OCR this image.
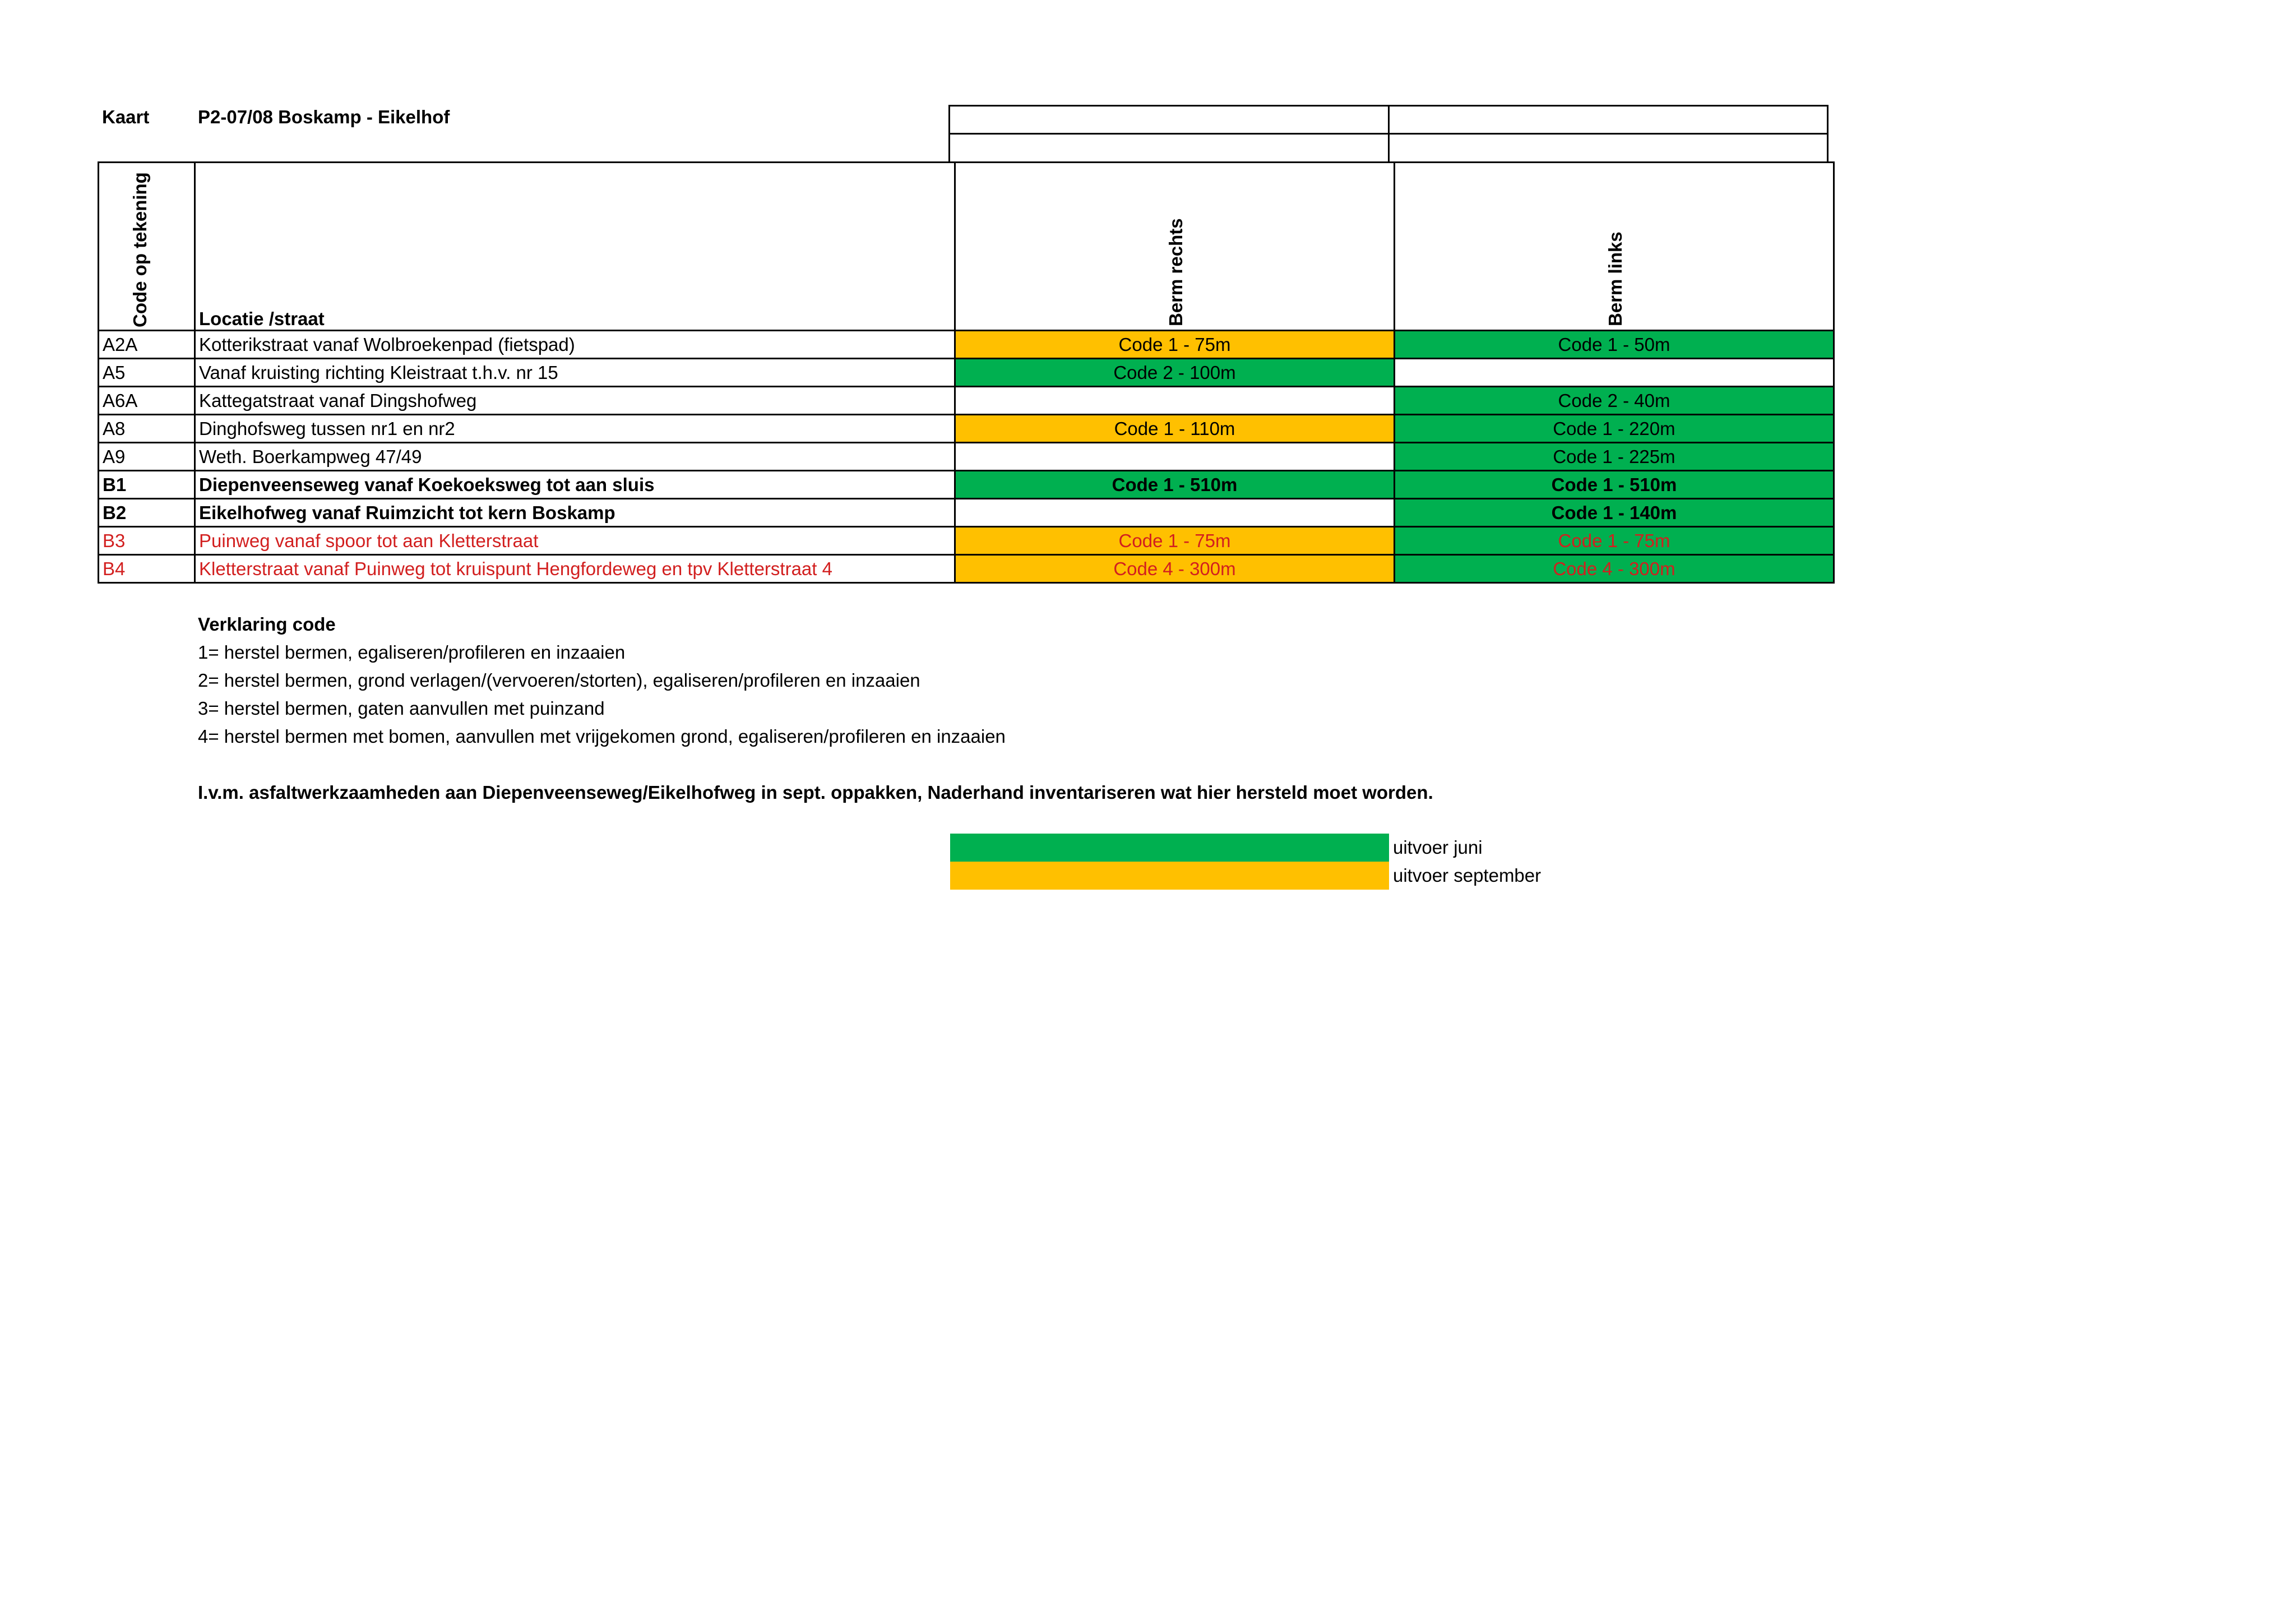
Kaart	P2-07/08 Boskamp - Eikelhof
Code op tekening	Locatie /straat	Berm rechts	Berm links

A2A	Kotterikstraat vanaf Wolbroekenpad (fietspad)	Code 1 - 75m	Code 1 - 50m
A5	Vanaf kruisting richting Kleistraat t.h.v. nr 15	Code 2 - 100m	
A6A	Kattegatstraat vanaf Dingshofweg		Code 2 - 40m
A8	Dinghofsweg tussen nr1 en nr2	Code 1 - 110m	Code 1 - 220m
A9	Weth. Boerkampweg 47/49		Code 1 - 225m
B1	Diepenveenseweg vanaf Koekoeksweg tot aan sluis	Code 1 - 510m	Code 1 - 510m
B2	Eikelhofweg vanaf Ruimzicht tot kern Boskamp		Code 1 - 140m
B3	Puinweg vanaf spoor tot aan Kletterstraat	Code 1 - 75m	Code 1 - 75m
B4	Kletterstraat vanaf Puinweg tot kruispunt Hengfordeweg en tpv Kletterstraat 4	Code 4 - 300m	Code 4 - 300m
Verklaring code
1= herstel bermen, egaliseren/profileren en inzaaien
2= herstel bermen, grond verlagen/(vervoeren/storten), egaliseren/profileren en inzaaien
3= herstel bermen, gaten aanvullen met puinzand
4= herstel bermen met bomen, aanvullen met vrijgekomen grond, egaliseren/profileren en inzaaien
I.v.m. asfaltwerkzaamheden aan Diepenveenseweg/Eikelhofweg in sept. oppakken, Naderhand inventariseren wat hier hersteld moet worden.
uitvoer juni
uitvoer september
